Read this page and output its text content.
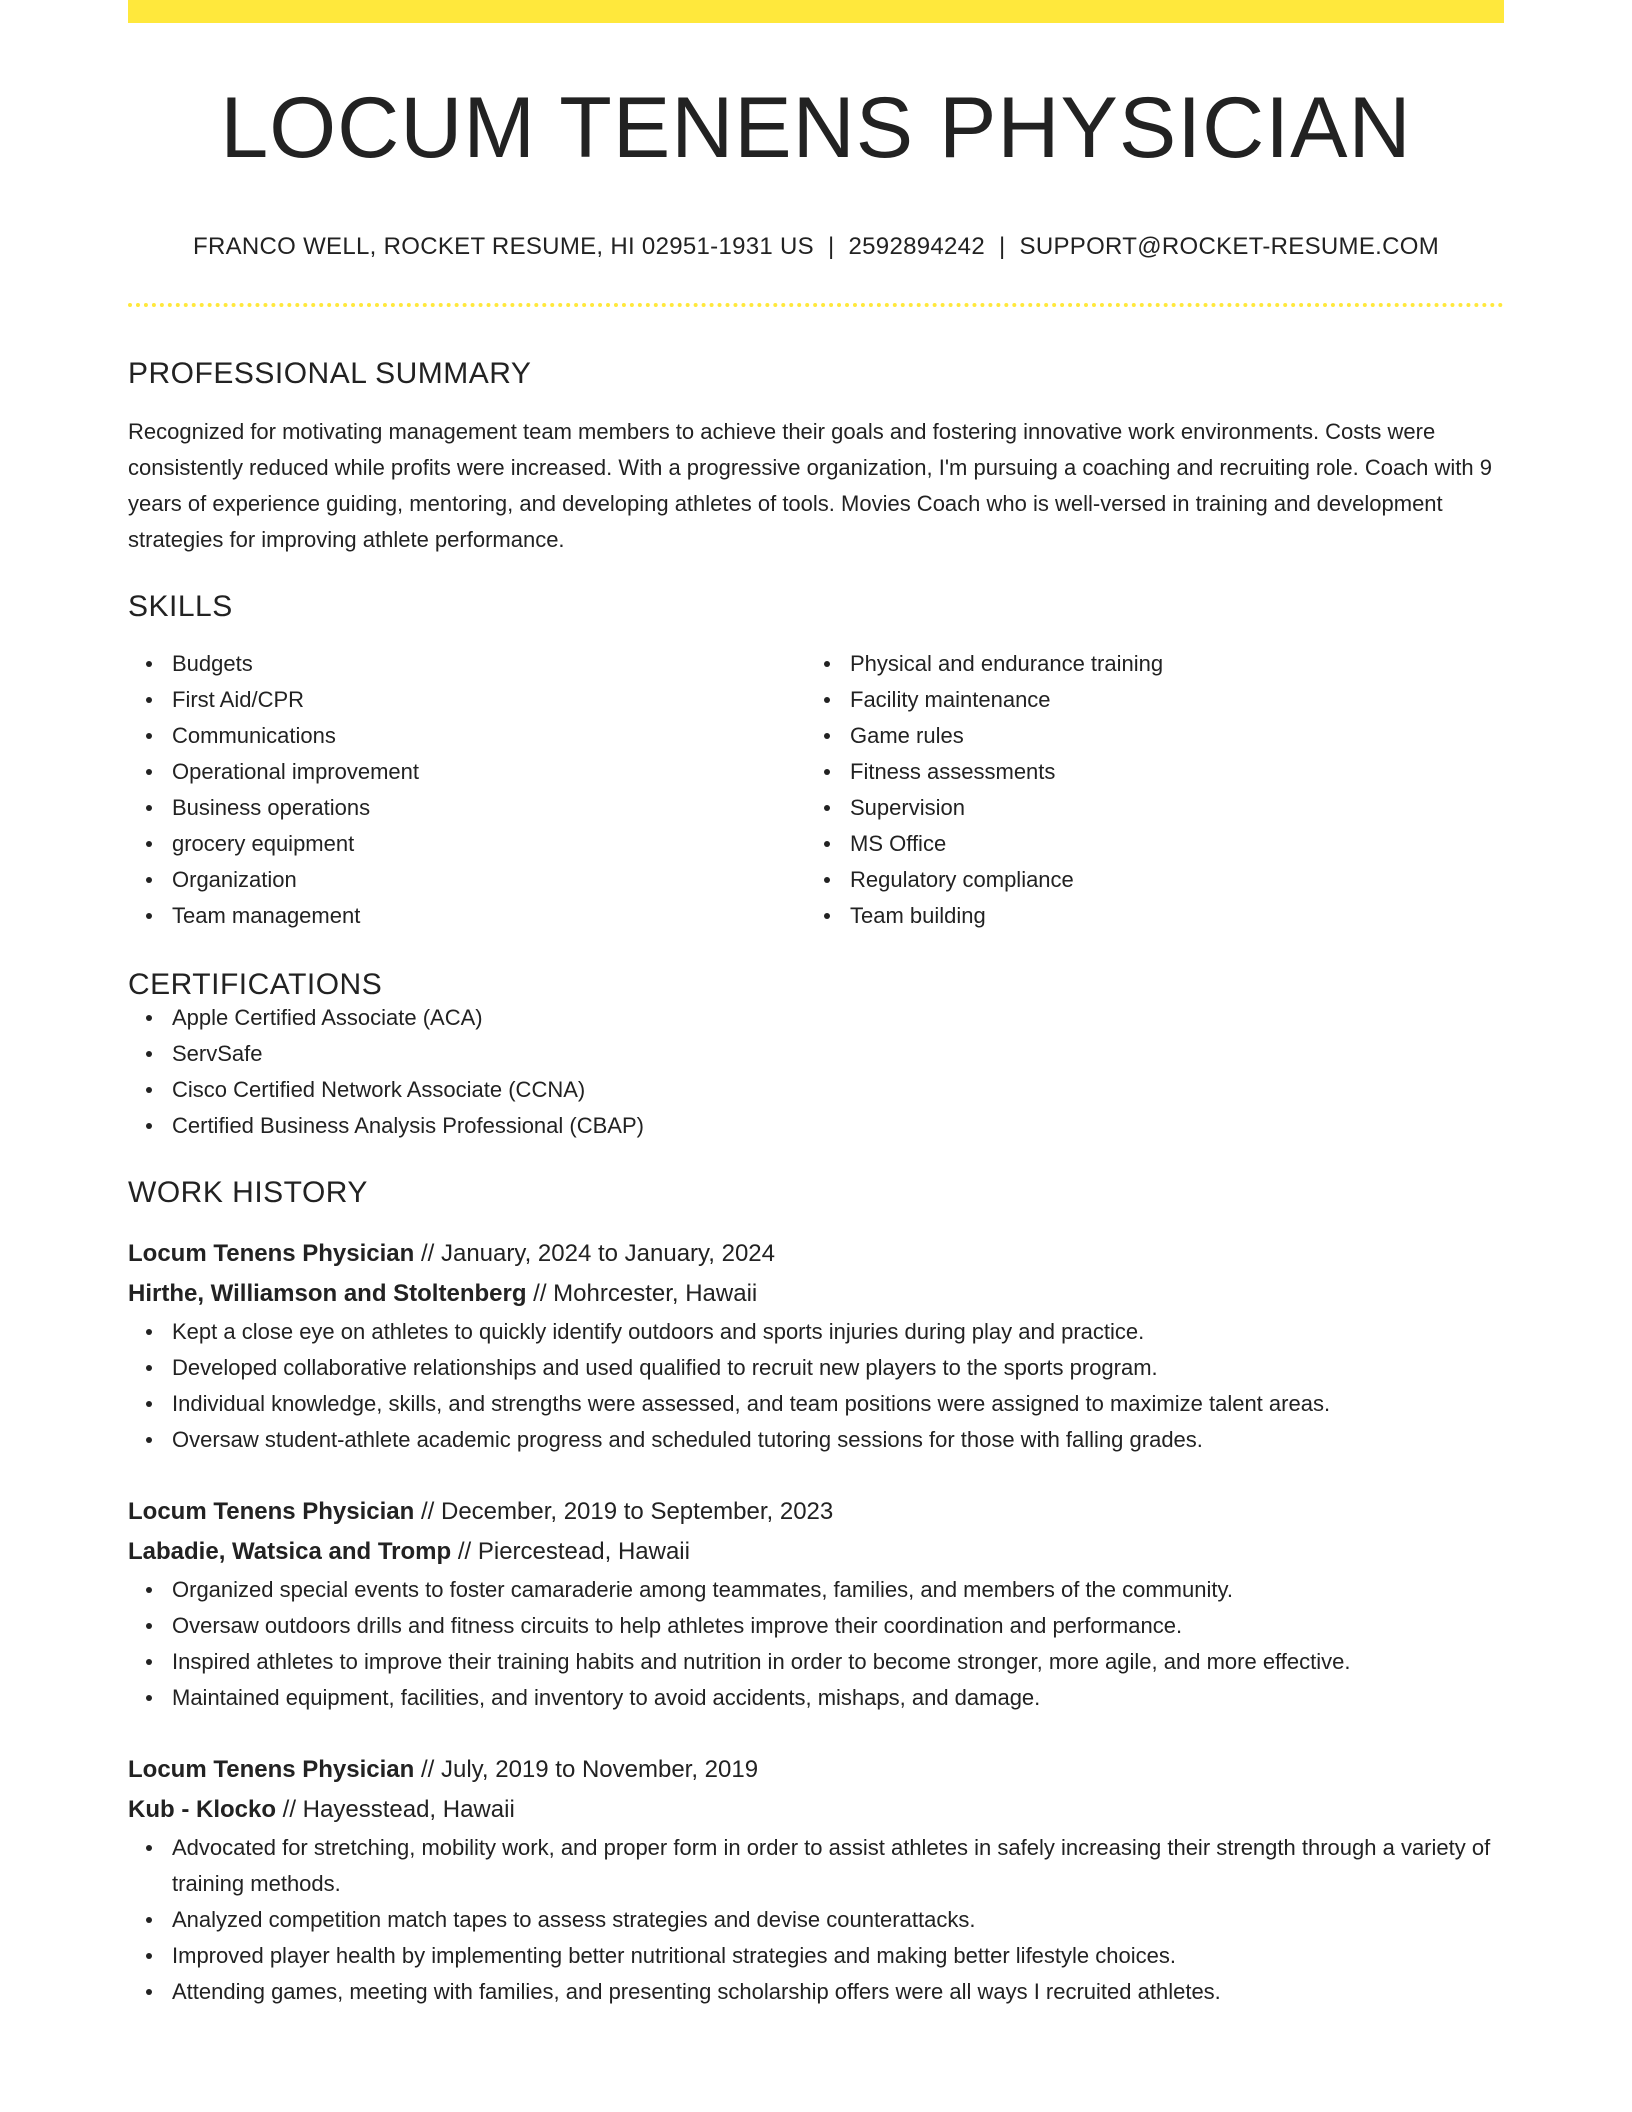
LOCUM TENENS PHYSICIAN
FRANCO WELL, ROCKET RESUME, HI 02951-1931 US | 2592894242 | SUPPORT@ROCKET-RESUME.COM
PROFESSIONAL SUMMARY

Recognized for motivating management team members to achieve their goals and fostering innovative work environments. Costs were consistently reduced while profits were increased. With a progressive organization, I'm pursuing a coaching and recruiting role. Coach with 9 years of experience guiding, mentoring, and developing athletes of tools. Movies Coach who is well-versed in training and development strategies for improving athlete performance.

SKILLS
Budgets
First Aid/CPR
Communications
Operational improvement
Business operations
grocery equipment
Organization
Team management
Physical and endurance training
Facility maintenance
Game rules
Fitness assessments
Supervision
MS Office
Regulatory compliance
Team building
CERTIFICATIONS
Apple Certified Associate (ACA)
ServSafe
Cisco Certified Network Associate (CCNA)
Certified Business Analysis Professional (CBAP)
WORK HISTORY
Locum Tenens Physician // January, 2024 to January, 2024
Hirthe, Williamson and Stoltenberg // Mohrcester, Hawaii
Kept a close eye on athletes to quickly identify outdoors and sports injuries during play and practice.
Developed collaborative relationships and used qualified to recruit new players to the sports program.
Individual knowledge, skills, and strengths were assessed, and team positions were assigned to maximize talent areas.
Oversaw student-athlete academic progress and scheduled tutoring sessions for those with falling grades.
Locum Tenens Physician // December, 2019 to September, 2023
Labadie, Watsica and Tromp // Piercestead, Hawaii
Organized special events to foster camaraderie among teammates, families, and members of the community.
Oversaw outdoors drills and fitness circuits to help athletes improve their coordination and performance.
Inspired athletes to improve their training habits and nutrition in order to become stronger, more agile, and more effective.
Maintained equipment, facilities, and inventory to avoid accidents, mishaps, and damage.
Locum Tenens Physician // July, 2019 to November, 2019
Kub - Klocko // Hayesstead, Hawaii
Advocated for stretching, mobility work, and proper form in order to assist athletes in safely increasing their strength through a variety of training methods.
Analyzed competition match tapes to assess strategies and devise counterattacks.
Improved player health by implementing better nutritional strategies and making better lifestyle choices.
Attending games, meeting with families, and presenting scholarship offers were all ways I recruited athletes.
